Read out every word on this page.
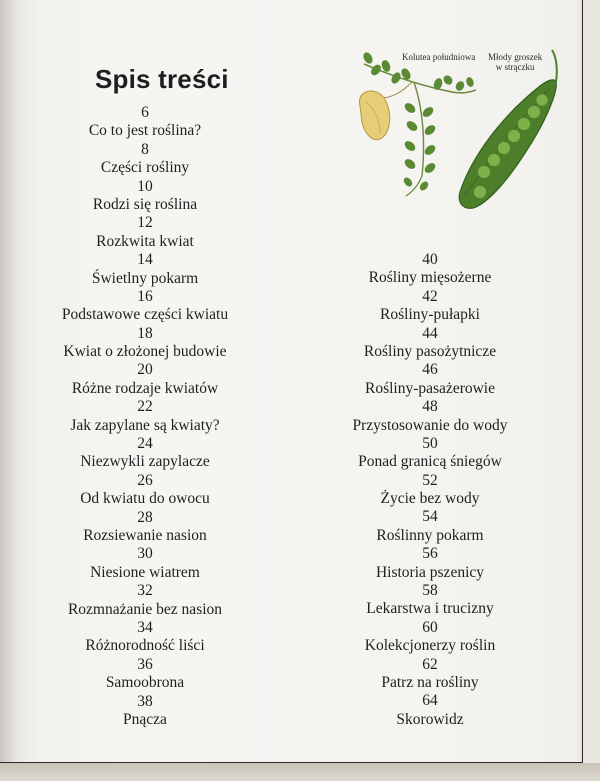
Spis treści
Kolutea południowa Młody groszek
w strączku
6
Co to jest roślina?
8
Części rośliny
10
Rodzi się roślina
12
Rozkwita kwiat
14
Świetlny pokarm
16
Podstawowe części kwiatu
18
Kwiat o złożonej budowie
20
Różne rodzaje kwiatów
22
Jak zapylane są kwiaty?
24
Niezwykli zapylacze
26
Od kwiatu do owocu
28
Rozsiewanie nasion
30
Niesione wiatrem
32
Rozmnażanie bez nasion
34
Różnorodność liści
36
Samoobrona
38
Pnącza
40
Rośliny mięsożerne
42
Rośliny-pułapki
44
Rośliny pasożytnicze
46
Rośliny-pasażerowie
48
Przystosowanie do wody
50
Ponad granicą śniegów
52
Życie bez wody
54
Roślinny pokarm
56
Historia pszenicy
58
Lekarstwa i trucizny
60
Kolekcjonerzy roślin
62
Patrz na rośliny
64
Skorowidz
